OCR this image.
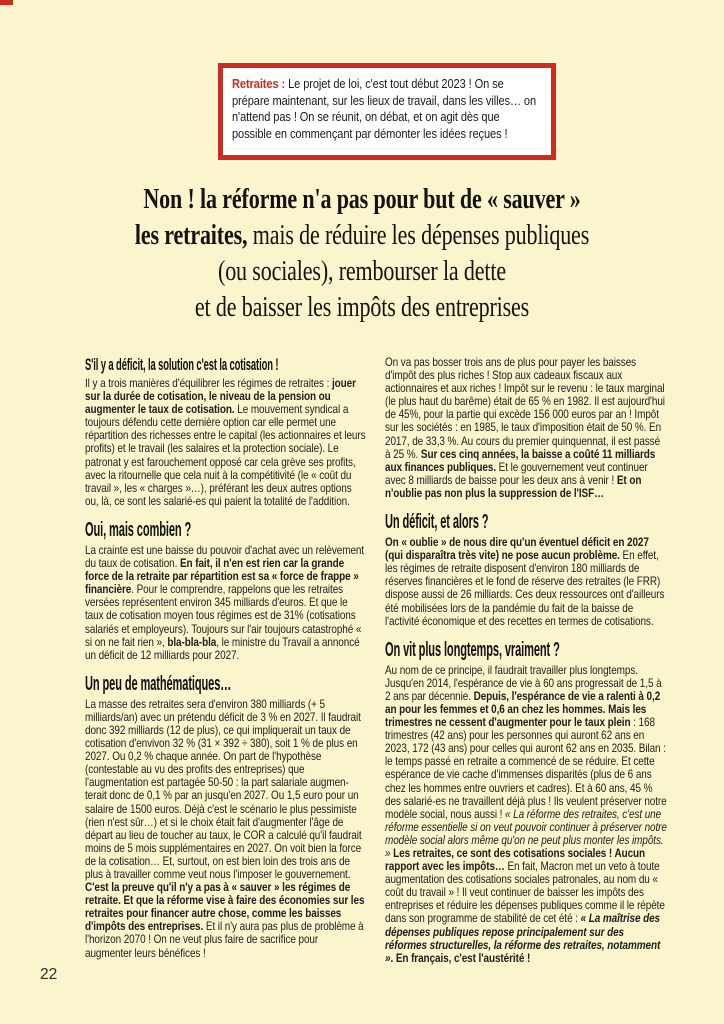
Retraites : Le projet de loi, c'est tout début 2023 ! On se prépare maintenant, sur les lieux de travail, dans les villes… on n'attend pas ! On se réunit, on débat, et on agit dès que possible en commençant par démonter les idées reçues !
Non ! la réforme n'a pas pour but de « sauver »
les retraites, mais de réduire les dépenses publiques
(ou sociales), rembourser la dette
et de baisser les impôts des entreprises
S'il y a déficit, la solution c'est la cotisation !

Il y a trois manières d'équilibrer les régimes de retraites : jouer sur la durée de cotisation, le niveau de la pension ou augmenter le taux de cotisation. Le mouvement syndical a toujours défendu cette dernière option car elle permet une répartition des richesses entre le capital (les actionnaires et leurs profits) et le travail (les salaires et la protection sociale). Le patronat y est farouchement opposé car cela grève ses profits, avec la ritournelle que cela nuit à la compétitivité (le « coût du travail », les « charges »…), préférant les deux autres options ou, là, ce sont les salarié-es qui paient la totalité de l'addition.

Oui, mais combien ?

La crainte est une baisse du pouvoir d'achat avec un relèvement du taux de cotisation. En fait, il n'en est rien car la grande force de la retraite par répartition est sa « force de frappe » financière. Pour le comprendre, rappelons que les retraites versées représentent environ 345 milliards d'euros. Et que le taux de cotisation moyen tous régimes est de 31% (cotisations salariés et employeurs). Toujours sur l'air toujours catastrophé « si on ne fait rien », bla-bla-bla, le ministre du Travail a annoncé un déficit de 12 milliards pour 2027.

Un peu de mathématiques…

La masse des retraites sera d'environ 380 milliards (+ 5 milliards/an) avec un prétendu déficit de 3 % en 2027. Il faudrait donc 392 milliards (12 de plus), ce qui impliquerait un taux de cotisation d'envivon 32 % (31 × 392 ÷ 380), soit 1 % de plus en 2027. Ou 0,2 % chaque année. On part de l'hypothèse (contestable au vu des profits des entreprises) que l'augmentation est partagée 50-50 : la part salariale augmen- terait donc de 0,1 % par an jusqu'en 2027. Ou 1,5 euro pour un salaire de 1500 euros. Déjà c'est le scénario le plus pessimiste (rien n'est sûr…) et si le choix était fait d'augmenter l'âge de départ au lieu de toucher au taux, le COR a calculé qu'il faudrait moins de 5 mois supplémentaires en 2027. On voit bien la force de la cotisation… Et, surtout, on est bien loin des trois ans de plus à travailler comme veut nous l'imposer le gouvernement. C'est la preuve qu'il n'y a pas à « sauver » les régimes de retraite. Et que la réforme vise à faire des économies sur les retraites pour financer autre chose, comme les baisses d'impôts des entreprises. Et il n'y aura pas plus de problème à l'horizon 2070 ! On ne veut plus faire de sacrifice pour augmenter leurs bénéfices !

On va pas bosser trois ans de plus pour payer les baisses d'impôt des plus riches ! Stop aux cadeaux fiscaux aux actionnaires et aux riches ! Impôt sur le revenu : le taux marginal (le plus haut du barême) était de 65 % en 1982. Il est aujourd'hui de 45%, pour la partie qui excède 156 000 euros par an ! Impôt sur les sociétés : en 1985, le taux d'imposition était de 50 %. En 2017, de 33,3 %. Au cours du premier quinquennat, il est passé à 25 %. Sur ces cinq années, la baisse a coûté 11 milliards aux finances publiques. Et le gouvernement veut continuer avec 8 milliards de baisse pour les deux ans à venir ! Et on n'oublie pas non plus la suppression de l'ISF…

Un déficit, et alors ?

On « oublie » de nous dire qu'un éventuel déficit en 2027 (qui disparaîtra très vite) ne pose aucun problème. En effet, les régimes de retraite disposent d'environ 180 milliards de réserves financières et le fond de réserve des retraites (le FRR) dispose aussi de 26 milliards. Ces deux ressources ont d'ailleurs été mobilisées lors de la pandémie du fait de la baisse de l'activité économique et des recettes en termes de cotisations.

On vit plus longtemps, vraiment ?

Au nom de ce principe, il faudrait travailler plus longtemps. Jusqu'en 2014, l'espérance de vie à 60 ans progressait de 1,5 à 2 ans par décennie. Depuis, l'espérance de vie a ralenti à 0,2 an pour les femmes et 0,6 an chez les hommes. Mais les trimestres ne cessent d'augmenter pour le taux plein : 168 trimestres (42 ans) pour les personnes qui auront 62 ans en 2023, 172 (43 ans) pour celles qui auront 62 ans en 2035. Bilan : le temps passé en retraite a commencé de se réduire. Et cette espérance de vie cache d'immenses disparités (plus de 6 ans chez les hommes entre ouvriers et cadres). Et à 60 ans, 45 % des salarié-es ne travaillent déjà plus ! Ils veulent préserver notre modèle social, nous aussi ! « La réforme des retraites, c'est une réforme essentielle si on veut pouvoir continuer à préserver notre modèle social alors même qu'on ne peut plus monter les impôts. » Les retraites, ce sont des cotisations sociales ! Aucun rapport avec les impôts… En fait, Macron met un veto à toute augmentation des cotisations sociales patronales, au nom du « coût du travail » ! Il veut continuer de baisser les impôts des entreprises et réduire les dépenses publiques comme il le répète dans son programme de stabilité de cet été : « La maîtrise des dépenses publiques repose principalement sur des réformes structurelles, la réforme des retraites, notamment ». En français, c'est l'austérité !

22
